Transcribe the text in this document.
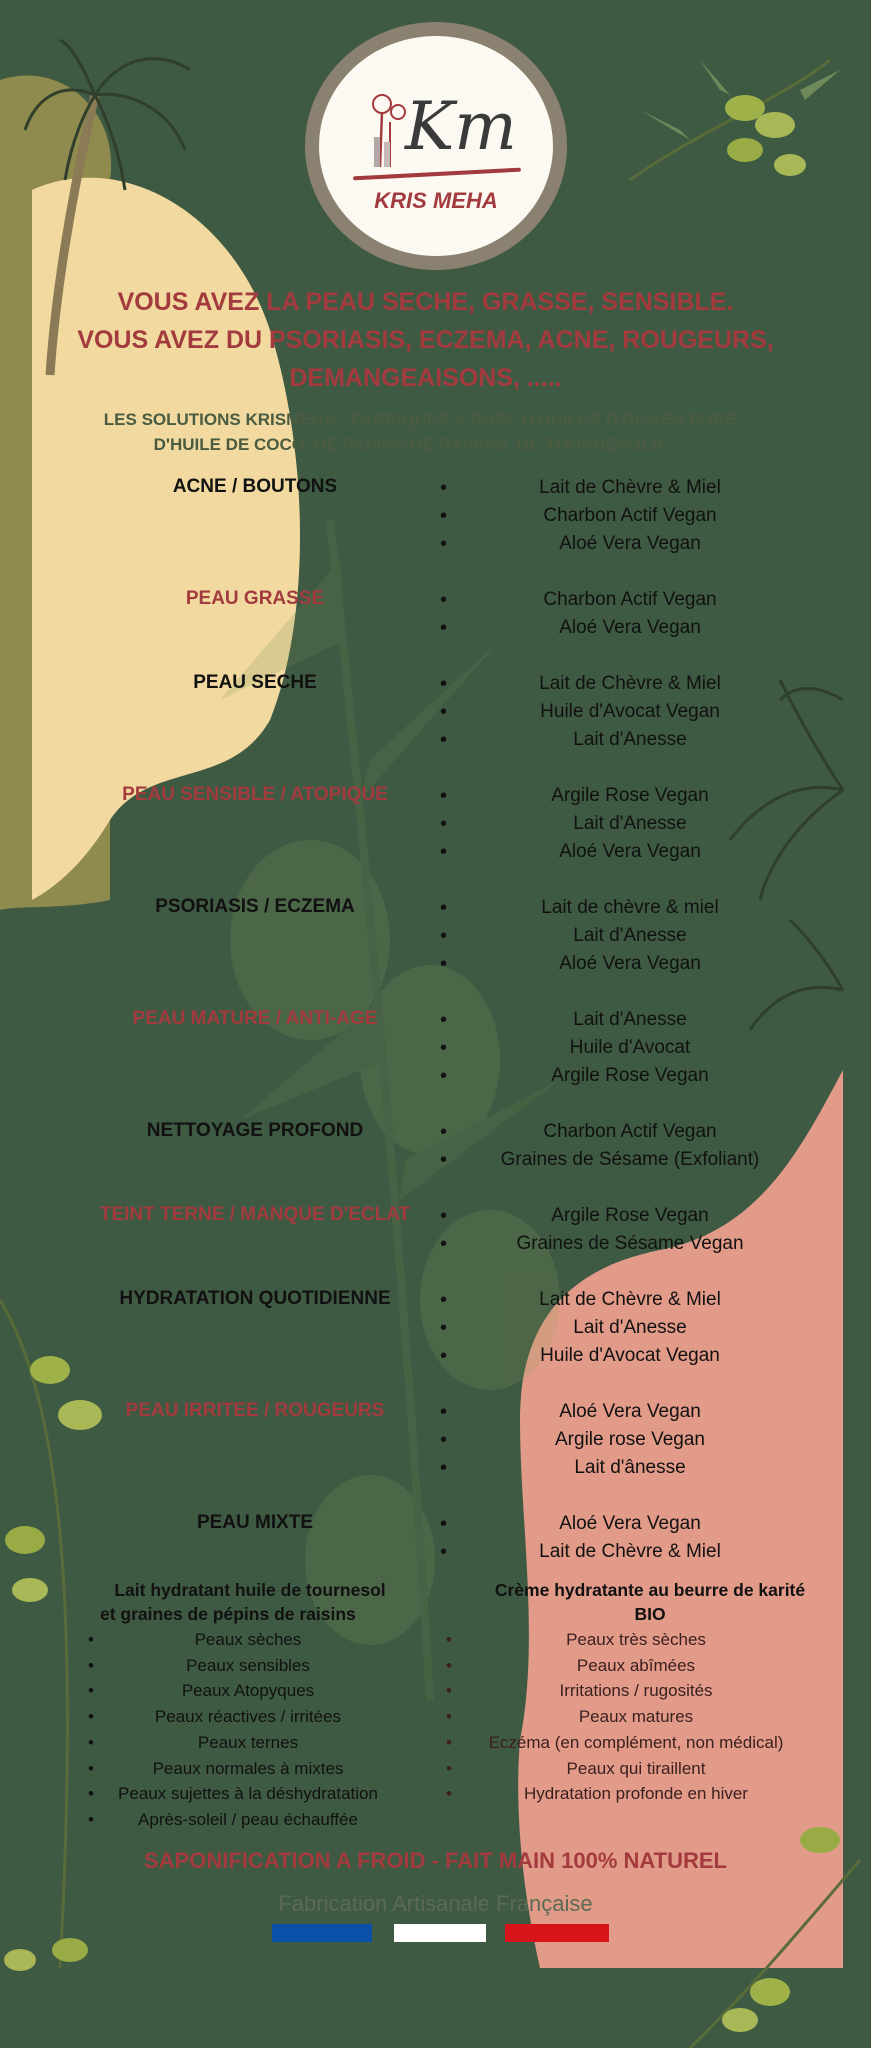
Km
KRIS MEHA
VOUS AVEZ LA PEAU SECHE, GRASSE, SENSIBLE.
VOUS AVEZ DU PSORIASIS, ECZEMA, ACNE, ROUGEURS,
DEMANGEAISONS, .....
LES SOLUTIONS KRISMEHA : FABRIQUES A BASE D'HUILES D'OLIVES PURE
D'HUILE DE COCO, DE PEPINS DE RAISINS, DE TOURNESOLS ....
ACNE / BOUTONS	• Lait de Chèvre & Miel
• Charbon Actif Vegan
• Aloé Vera Vegan
PEAU GRASSE	• Charbon Actif Vegan
• Aloé Vera Vegan
PEAU SECHE	• Lait de Chèvre & Miel
• Huile d'Avocat Vegan
• Lait d'Anesse
PEAU SENSIBLE / ATOPIQUE	• Argile Rose Vegan
• Lait d'Anesse
• Aloé Vera Vegan
PSORIASIS / ECZEMA	• Lait de chèvre & miel
• Lait d'Anesse
• Aloé Vera Vegan
PEAU MATURE / ANTI-AGE	• Lait d'Anesse
• Huile d'Avocat
• Argile Rose Vegan
NETTOYAGE PROFOND	• Charbon Actif Vegan
• Graines de Sésame (Exfoliant)
TEINT TERNE / MANQUE D'ECLAT	• Argile Rose Vegan
• Graines de Sésame Vegan
HYDRATATION QUOTIDIENNE	• Lait de Chèvre & Miel
• Lait d'Anesse
• Huile d'Avocat Vegan
PEAU IRRITEE / ROUGEURS	• Aloé Vera Vegan
• Argile rose Vegan
• Lait d'ânesse
PEAU MIXTE	• Aloé Vera Vegan
• Lait de Chèvre & Miel
Lait hydratant huile de tournesol
et graines de pépins de raisins
• Peaux sèches
• Peaux sensibles
• Peaux Atopyques
• Peaux réactives / irritées
• Peaux ternes
• Peaux normales à mixtes
• Peaux sujettes à la déshydratation
• Après-soleil / peau échauffée
Crème hydratante au beurre de karité
BIO
• Peaux très sèches
• Peaux abîmées
• Irritations / rugosités
• Peaux matures
• Eczéma (en complément, non médical)
• Peaux qui tiraillent
• Hydratation profonde en hiver
SAPONIFICATION A FROID - FAIT MAIN 100% NATUREL
Fabrication Artisanale Française
